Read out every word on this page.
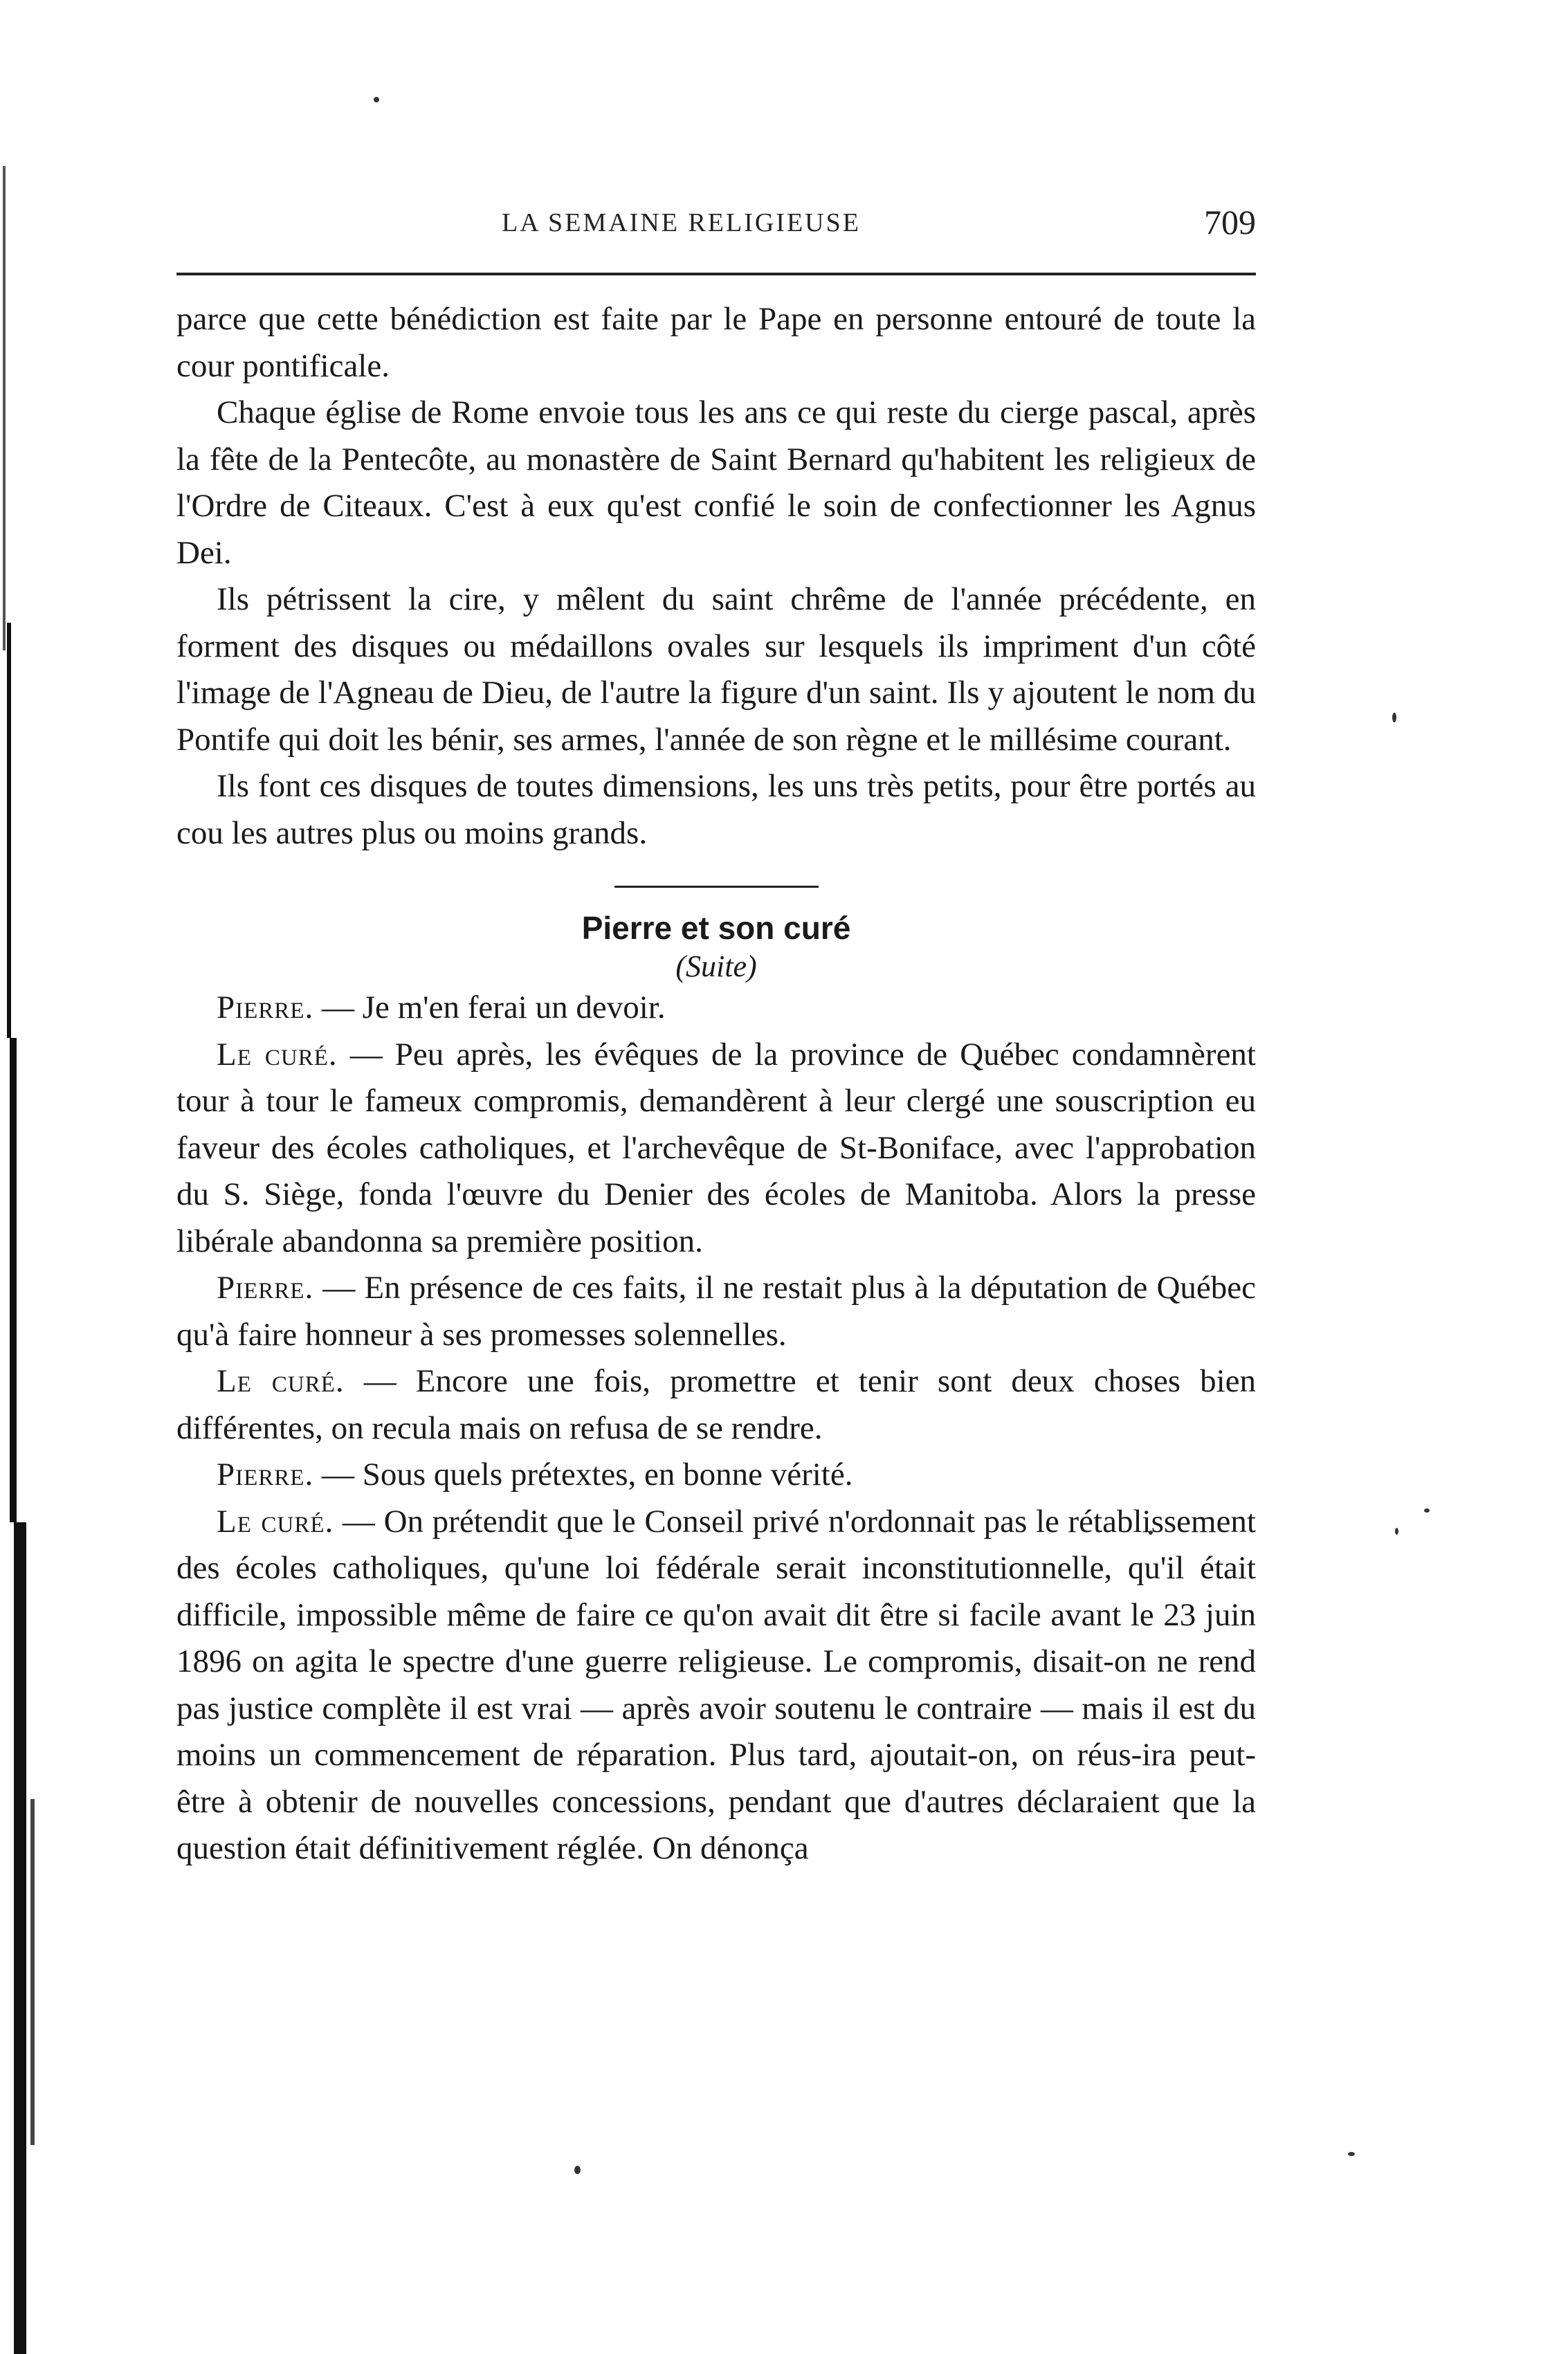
LA SEMAINE RELIGIEUSE	709

parce que cette bénédiction est faite par le Pape en personne entouré de toute la cour pontificale.

Chaque église de Rome envoie tous les ans ce qui reste du cierge pascal, après la fête de la Pentecôte, au monastère de Saint Bernard qu'habitent les religieux de l'Ordre de Citeaux. C'est à eux qu'est confié le soin de confectionner les Agnus Dei.

Ils pétrissent la cire, y mêlent du saint chrême de l'année précédente, en forment des disques ou médaillons ovales sur lesquels ils impriment d'un côté l'image de l'Agneau de Dieu, de l'autre la figure d'un saint. Ils y ajoutent le nom du Pontife qui doit les bénir, ses armes, l'année de son règne et le millésime courant.

Ils font ces disques de toutes dimensions, les uns très petits, pour être portés au cou les autres plus ou moins grands.

Pierre et son curé

(Suite)

Pierre. — Je m'en ferai un devoir.

Le curé. — Peu après, les évêques de la province de Québec condamnèrent tour à tour le fameux compromis, demandèrent à leur clergé une souscription eu faveur des écoles catholiques, et l'archevêque de St-Boniface, avec l'approbation du S. Siège, fonda l'œuvre du Denier des écoles de Manitoba. Alors la presse libérale abandonna sa première position.

Pierre. — En présence de ces faits, il ne restait plus à la députation de Québec qu'à faire honneur à ses promesses solennelles.

Le curé. — Encore une fois, promettre et tenir sont deux choses bien différentes, on recula mais on refusa de se rendre.

Pierre. — Sous quels prétextes, en bonne vérité.

Le curé. — On prétendit que le Conseil privé n'ordonnait pas le rétablissement des écoles catholiques, qu'une loi fédérale serait inconstitutionnelle, qu'il était difficile, impossible même de faire ce qu'on avait dit être si facile avant le 23 juin 1896 on agita le spectre d'une guerre religieuse. Le compromis, disait-on ne rend pas justice complète il est vrai — après avoir soutenu le contraire — mais il est du moins un commencement de réparation. Plus tard, ajoutait-on, on réus-ira peut-être à obtenir de nouvelles concessions, pendant que d'autres déclaraient que la question était définitivement réglée. On dénonça
